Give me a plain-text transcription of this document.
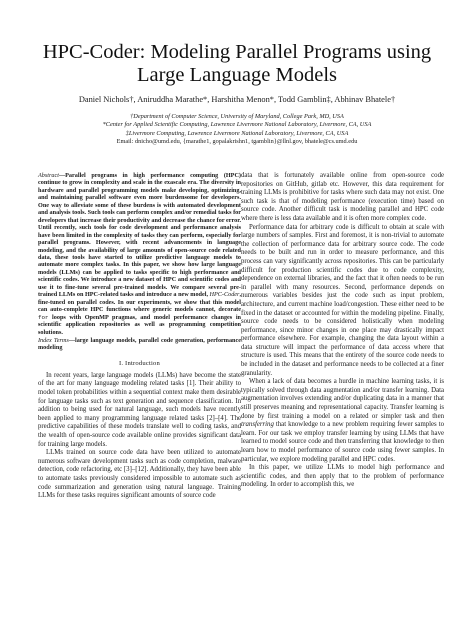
HPC-Coder: Modeling Parallel Programs using Large Language Models
Daniel Nichols†, Aniruddha Marathe*, Harshitha Menon*, Todd Gamblin‡, Abhinav Bhatele†
†Department of Computer Science, University of Maryland, College Park, MD, USA
*Center for Applied Scientific Computing, Lawrence Livermore National Laboratory, Livermore, CA, USA
‡Livermore Computing, Lawrence Livermore National Laboratory, Livermore, CA, USA
Email: dnicho@umd.edu, {marathe1, gopalakrishn1, tgamblin}@llnl.gov, bhatele@cs.umd.edu

Abstract—Parallel programs in high performance computing (HPC) continue to grow in complexity and scale in the exascale era. The diversity in hardware and parallel programming models make developing, optimizing, and maintaining parallel software even more burdensome for developers. One way to alleviate some of these burdens is with automated development and analysis tools. Such tools can perform complex and/or remedial tasks for developers that increase their productivity and decrease the chance for error. Until recently, such tools for code development and performance analysis have been limited in the complexity of tasks they can perform, especially for parallel programs. However, with recent advancements in language modeling, and the availability of large amounts of open-source code related data, these tools have started to utilize predictive language models to automate more complex tasks. In this paper, we show how large language models (LLMs) can be applied to tasks specific to high performance and scientific codes. We introduce a new dataset of HPC and scientific codes and use it to fine-tune several pre-trained models. We compare several pre-trained LLMs on HPC-related tasks and introduce a new model, HPC-Coder, fine-tuned on parallel codes. In our experiments, we show that this model can auto-complete HPC functions where generic models cannot, decorate for loops with OpenMP pragmas, and model performance changes in scientific application repositories as well as programming competition solutions.

Index Terms—large language models, parallel code generation, performance modeling

I. Introduction

In recent years, large language models (LLMs) have become the state of the art for many language modeling related tasks [1]. Their ability to model token probabilities within a sequential context make them desirable for language tasks such as text generation and sequence classification. In addition to being used for natural language, such models have recently been applied to many programming language related tasks [2]–[4]. The predictive capabilities of these models translate well to coding tasks, and the wealth of open-source code available online provides significant data for training large models.

LLMs trained on source code data have been utilized to automate numerous software development tasks such as code completion, malware detection, code refactoring, etc [3]–[12]. Additionally, they have been able to automate tasks previously considered impossible to automate such as code summarization and generation using natural language. Training LLMs for these tasks requires significant amounts of source code

data that is fortunately available online from open-source code repositories on GitHub, gitlab etc. However, this data requirement for training LLMs is prohibitive for tasks where such data may not exist. One such task is that of modeling performance (execution time) based on source code. Another difficult task is modeling parallel and HPC code where there is less data available and it is often more complex code.

Performance data for arbitrary code is difficult to obtain at scale with large numbers of samples. First and foremost, it is non-trivial to automate the collection of performance data for arbitrary source code. The code needs to be built and run in order to measure performance, and this process can vary significantly across repositories. This can be particularly difficult for production scientific codes due to code complexity, dependence on external libraries, and the fact that it often needs to be run in parallel with many resources. Second, performance depends on numerous variables besides just the code such as input problem, architecture, and current machine load/congestion. These either need to be fixed in the dataset or accounted for within the modeling pipeline. Finally, source code needs to be considered holistically when modeling performance, since minor changes in one place may drastically impact performance elsewhere. For example, changing the data layout within a data structure will impact the performance of data access where that structure is used. This means that the entirety of the source code needs to be included in the dataset and performance needs to be collected at a finer granularity.

When a lack of data becomes a hurdle in machine learning tasks, it is typically solved through data augmentation and/or transfer learning. Data augmentation involves extending and/or duplicating data in a manner that still preserves meaning and representational capacity. Transfer learning is done by first training a model on a related or simpler task and then transferring that knowledge to a new problem requiring fewer samples to learn. For our task we employ transfer learning by using LLMs that have learned to model source code and then transferring that knowledge to then learn how to model performance of source code using fewer samples. In particular, we explore modeling parallel and HPC codes.

In this paper, we utilize LLMs to model high performance and scientific codes, and then apply that to the problem of performance modeling. In order to accomplish this, we
